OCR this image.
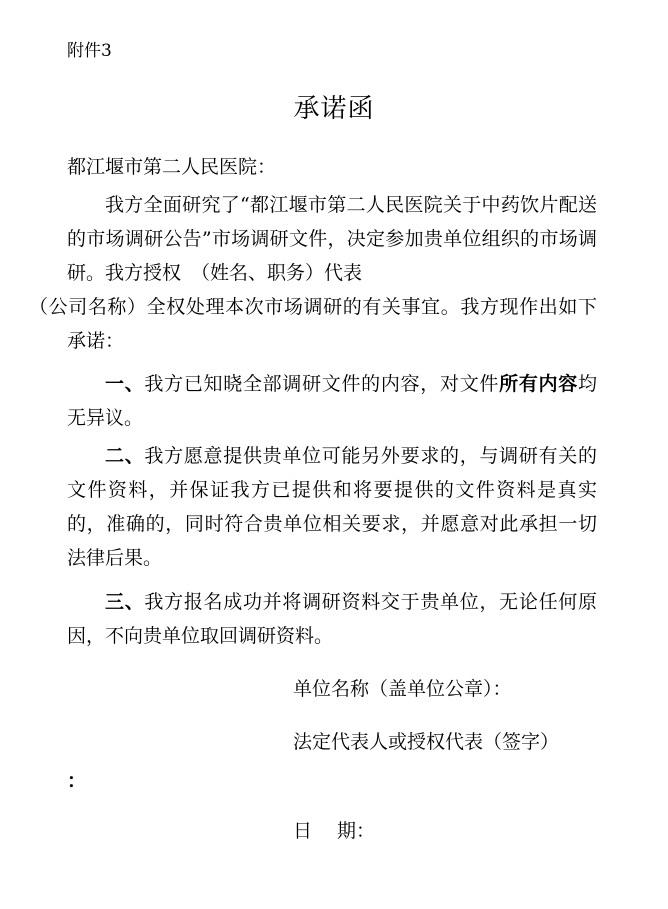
附件3
承诺函
都江堰市第二人民医院：

我方全面研究了“都江堰市第二人民医院关于中药饮片配送的市场调研公告”市场调研文件，决定参加贵单位组织的市场调研。我方授权 （姓名、职务）代表
（公司名称）全权处理本次市场调研的有关事宜。我方现作出如下承诺：

一、我方已知晓全部调研文件的内容，对文件所有内容均无异议。

二、我方愿意提供贵单位可能另外要求的，与调研有关的文件资料，并保证我方已提供和将要提供的文件资料是真实的，准确的，同时符合贵单位相关要求，并愿意对此承担一切法律后果。

三、我方报名成功并将调研资料交于贵单位，无论任何原因，不向贵单位取回调研资料。

单位名称（盖单位公章）：
法定代表人或授权代表（签字）
：
日　 期：
